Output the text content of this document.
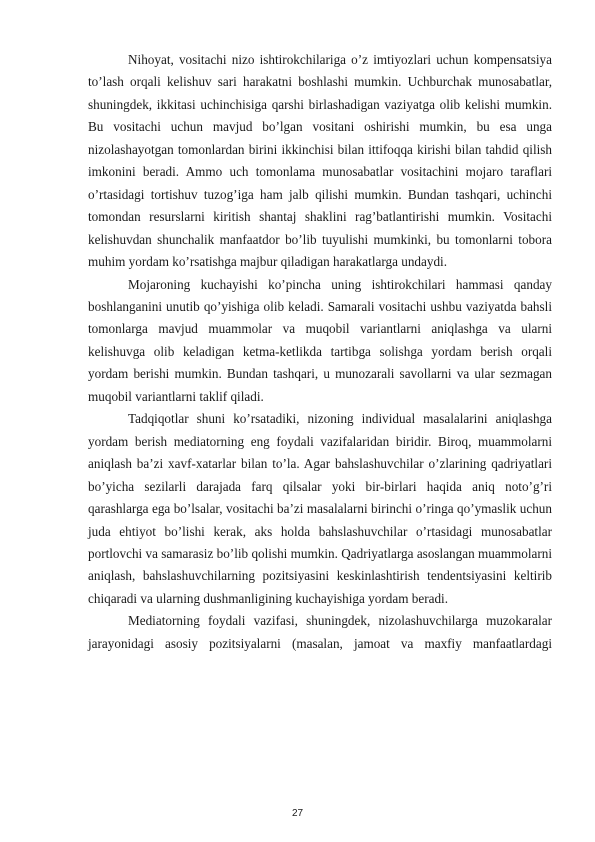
Nihoyat, vositachi nizo ishtirokchilariga o’z imtiyozlari uchun kompensatsiya to’lash orqali kelishuv sari harakatni boshlashi mumkin. Uchburchak munosabatlar, shuningdek, ikkitasi uchinchisiga qarshi birlashadigan vaziyatga olib kelishi mumkin. Bu vositachi uchun mavjud bo’lgan vositani oshirishi mumkin, bu esa unga nizolashayotgan tomonlardan birini ikkinchisi bilan ittifoqqa kirishi bilan tahdid qilish imkonini beradi. Ammo uch tomonlama munosabatlar vositachini mojaro taraflari o’rtasidagi tortishuv tuzog’iga ham jalb qilishi mumkin. Bundan tashqari, uchinchi tomondan resurslarni kiritish shantaj shaklini rag’batlantirishi mumkin. Vositachi kelishuvdan shunchalik manfaatdor bo’lib tuyulishi mumkinki, bu tomonlarni tobora muhim yordam ko’rsatishga majbur qiladigan harakatlarga undaydi.

Mojaroning kuchayishi ko’pincha uning ishtirokchilari hammasi qanday boshlanganini unutib qo’yishiga olib keladi. Samarali vositachi ushbu vaziyatda bahsli tomonlarga mavjud muammolar va muqobil variantlarni aniqlashga va ularni kelishuvga olib keladigan ketma-ketlikda tartibga solishga yordam berish orqali yordam berishi mumkin. Bundan tashqari, u munozarali savollarni va ular sezmagan muqobil variantlarni taklif qiladi.

Tadqiqotlar shuni ko’rsatadiki, nizoning individual masalalarini aniqlashga yordam berish mediatorning eng foydali vazifalaridan biridir. Biroq, muammolarni aniqlash ba’zi xavf-xatarlar bilan to’la. Agar bahslashuvchilar o’zlarining qadriyatlari bo’yicha sezilarli darajada farq qilsalar yoki bir-birlari haqida aniq noto’g’ri qarashlarga ega bo’lsalar, vositachi ba’zi masalalarni birinchi o’ringa qo’ymaslik uchun juda ehtiyot bo’lishi kerak, aks holda bahslashuvchilar o’rtasidagi munosabatlar portlovchi va samarasiz bo’lib qolishi mumkin. Qadriyatlarga asoslangan muammolarni aniqlash, bahslashuvchilarning pozitsiyasini keskinlashtirish tendentsiyasini keltirib chiqaradi va ularning dushmanligining kuchayishiga yordam beradi.

Mediatorning foydali vazifasi, shuningdek, nizolashuvchilarga muzokaralar jarayonidagi asosiy pozitsiyalarni (masalan, jamoat va maxfiy manfaatlardagi

27
